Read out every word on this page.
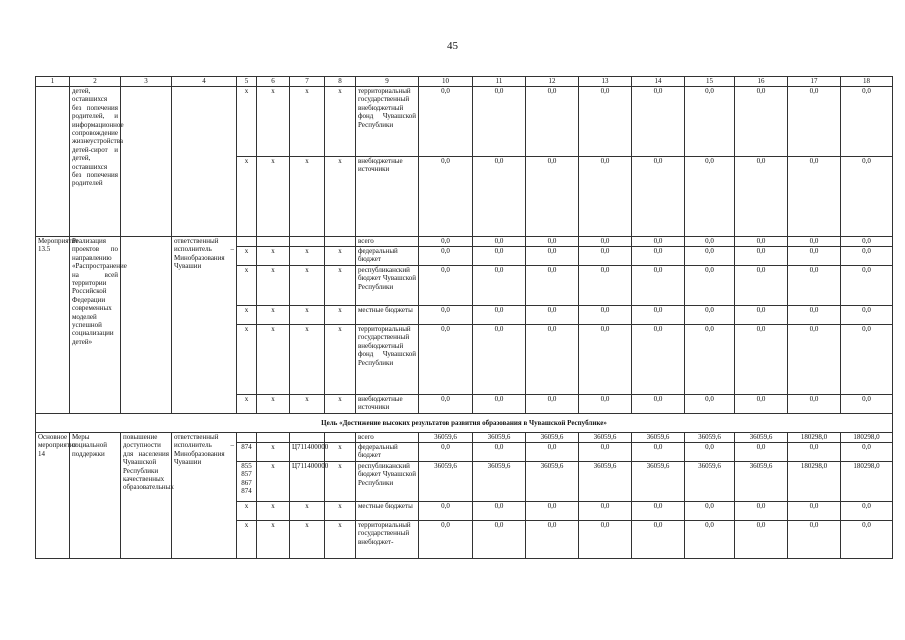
45
1	2	3	4	5	6	7	8	9	10	11	12	13	14	15	16	17	18
	детей, оставшихся без попечения родителей, и информационное сопровождение жизнеустройства детей-сирот и детей, оставшихся без попечения родителей			x	x	x	x	территориальный государственный внебюджетный фонд Чувашской Республики	0,0	0,0	0,0	0,0	0,0	0,0	0,0	0,0	0,0
				x	x	x	x	внебюджетные источники	0,0	0,0	0,0	0,0	0,0	0,0	0,0	0,0	0,0
Мероприятие 13.5	Реализация проектов по направлению «Распространение на всей территории Российской Федерации современных моделей успешной социализации детей»		ответственный исполнитель – Минобразования Чувашии					всего	0,0	0,0	0,0	0,0	0,0	0,0	0,0	0,0	0,0
				x	x	x	x	федеральный бюджет	0,0	0,0	0,0	0,0	0,0	0,0	0,0	0,0	0,0
				x	x	x	x	республиканский бюджет Чувашской Республики	0,0	0,0	0,0	0,0	0,0	0,0	0,0	0,0	0,0
				x	x	x	x	местные бюджеты	0,0	0,0	0,0	0,0	0,0	0,0	0,0	0,0	0,0
				x	x	x	x	территориальный государственный внебюджетный фонд Чувашской Республики	0,0	0,0	0,0	0,0	0,0	0,0	0,0	0,0	0,0
				x	x	x	x	внебюджетные источники	0,0	0,0	0,0	0,0	0,0	0,0	0,0	0,0	0,0
Цель «Достижение высоких результатов развития образования в Чувашской Республике»																	
Основное мероприятие 14	Меры социальной поддержки	повышение доступности для населения Чувашской Республики качественных образовательных	ответственный исполнитель – Минобразования Чувашии					всего	36059,6	36059,6	36059,6	36059,6	36059,6	36059,6	36059,6	180298,0	180298,0
				874	x	Ц711400000	x	федеральный бюджет	0,0	0,0	0,0	0,0	0,0	0,0	0,0	0,0	0,0
				855 857 867 874	x	Ц711400000	x	республиканский бюджет Чувашской Республики	36059,6	36059,6	36059,6	36059,6	36059,6	36059,6	36059,6	180298,0	180298,0
				x	x	x	x	местные бюджеты	0,0	0,0	0,0	0,0	0,0	0,0	0,0	0,0	0,0
				x	x	x	x	территориальный государственный внебюджет-	0,0	0,0	0,0	0,0	0,0	0,0	0,0	0,0	0,0
